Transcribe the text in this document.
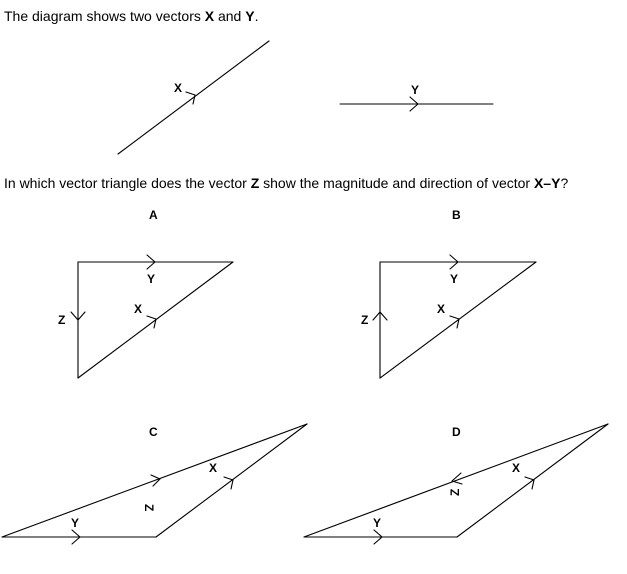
The diagram shows two vectors X and Y.
In which vector triangle does the vector Z show the magnitude and direction of vector X–Y?
X	Y
A
Y
X
Z
B
Y
X
Z
C
Y
X
Z
D
Y
X
Z
